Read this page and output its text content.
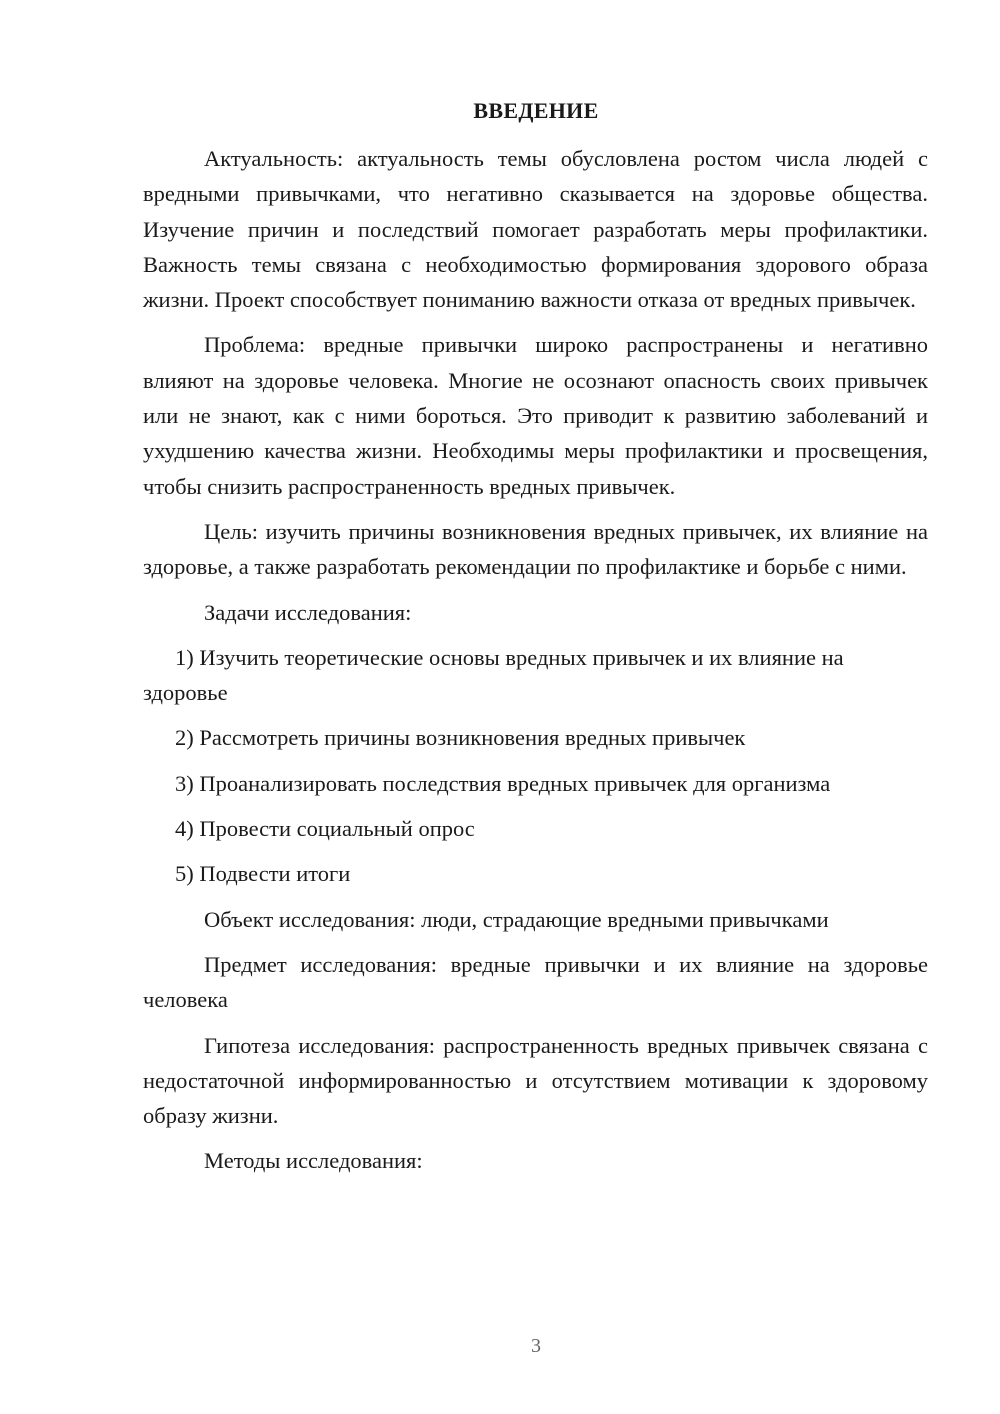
ВВЕДЕНИЕ

Актуальность: актуальность темы обусловлена ростом числа людей с вредными привычками, что негативно сказывается на здоровье общества. Изучение причин и последствий помогает разработать меры профилактики. Важность темы связана с необходимостью формирования здорового образа жизни. Проект способствует пониманию важности отказа от вредных привычек.

Проблема: вредные привычки широко распространены и негативно влияют на здоровье человека. Многие не осознают опасность своих привычек или не знают, как с ними бороться. Это приводит к развитию заболеваний и ухудшению качества жизни. Необходимы меры профилактики и просвещения, чтобы снизить распространенность вредных привычек.

Цель: изучить причины возникновения вредных привычек, их влияние на здоровье, а также разработать рекомендации по профилактике и борьбе с ними.

Задачи исследования:

1) Изучить теоретические основы вредных привычек и их влияние на здоровье

2) Рассмотреть причины возникновения вредных привычек

3) Проанализировать последствия вредных привычек для организма

4) Провести социальный опрос

5) Подвести итоги

Объект исследования: люди, страдающие вредными привычками

Предмет исследования: вредные привычки и их влияние на здоровье человека

Гипотеза исследования: распространенность вредных привычек связана с недостаточной информированностью и отсутствием мотивации к здоровому образу жизни.

Методы исследования:

3
